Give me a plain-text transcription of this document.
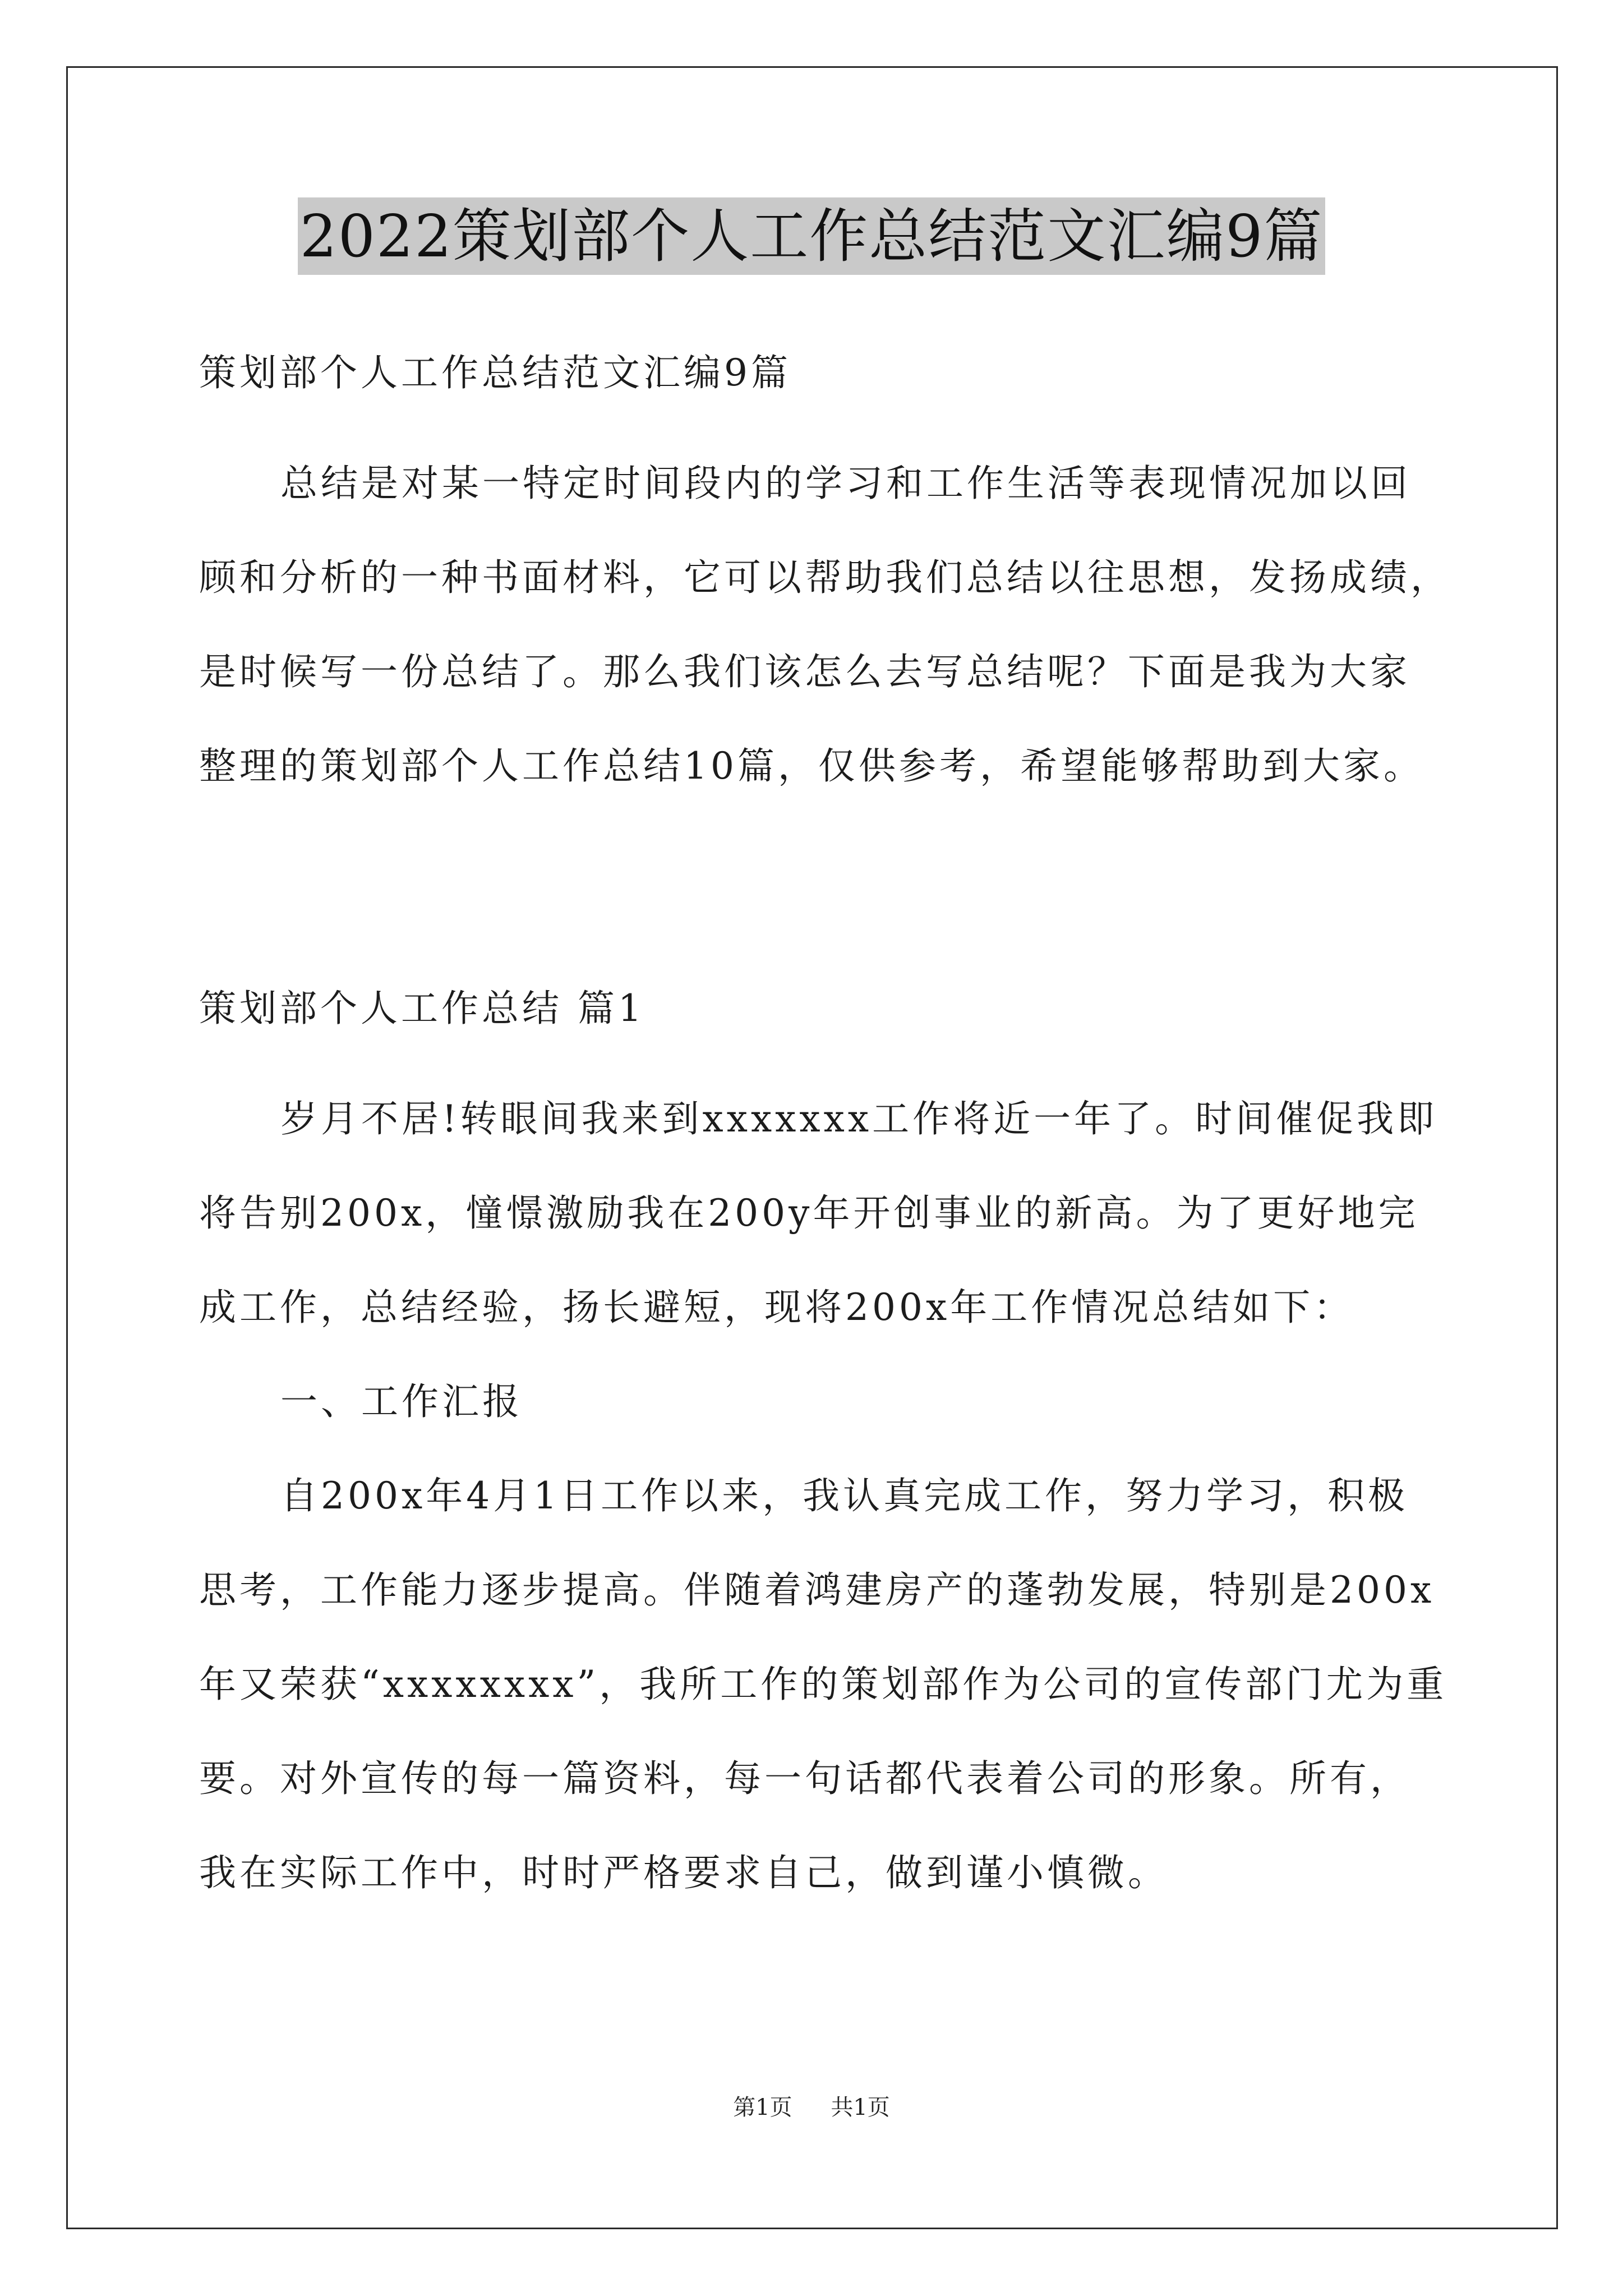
2022策划部个人工作总结范文汇编9篇
策划部个人工作总结范文汇编9篇
总结是对某一特定时间段内的学习和工作生活等表现情况加以回
顾和分析的一种书面材料，它可以帮助我们总结以往思想，发扬成绩，
是时候写一份总结了。那么我们该怎么去写总结呢？下面是我为大家
整理的策划部个人工作总结10篇，仅供参考，希望能够帮助到大家。
策划部个人工作总结 篇1
岁月不居!转眼间我来到xxxxxxx工作将近一年了。时间催促我即
将告别200x，憧憬激励我在200y年开创事业的新高。为了更好地完
成工作，总结经验，扬长避短，现将200x年工作情况总结如下：
一、工作汇报
自200x年4月1日工作以来，我认真完成工作，努力学习，积极
思考，工作能力逐步提高。伴随着鸿建房产的蓬勃发展，特别是200x
年又荣获“xxxxxxxx”，我所工作的策划部作为公司的宣传部门尤为重
要。对外宣传的每一篇资料，每一句话都代表着公司的形象。所有，
我在实际工作中，时时严格要求自己，做到谨小慎微。
第1页 共1页
